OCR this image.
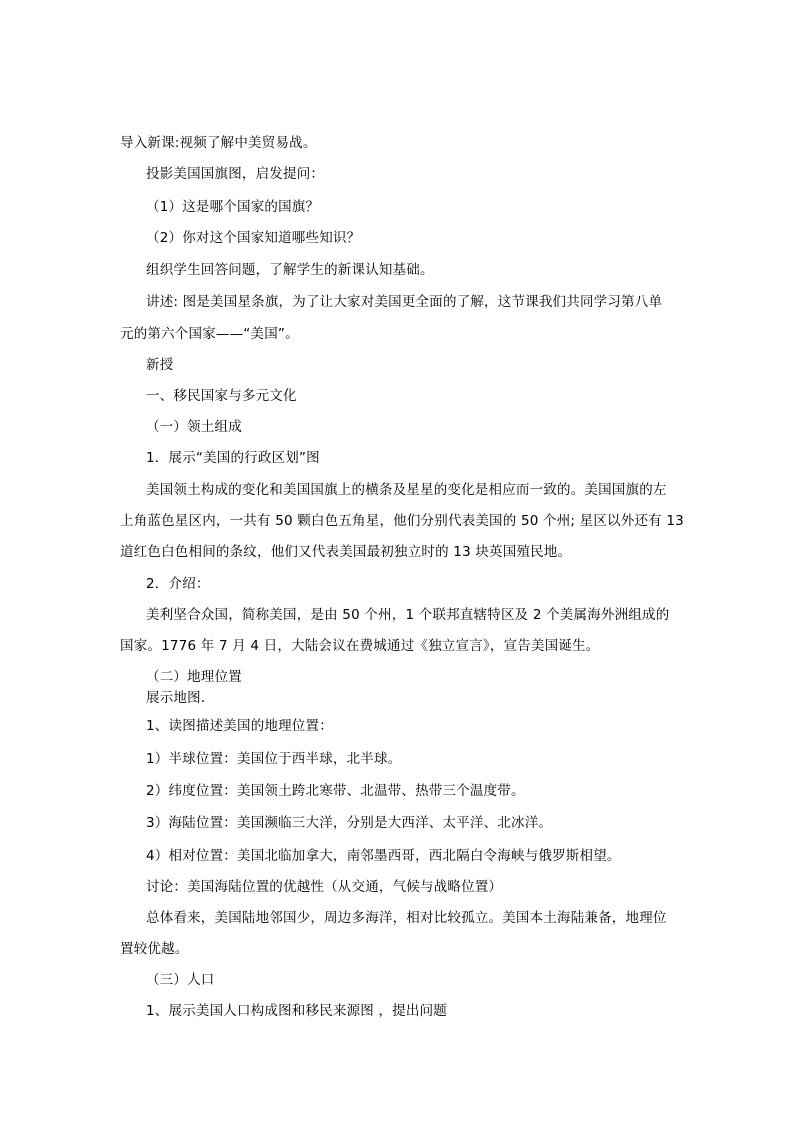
导入新课:视频了解中美贸易战。
投影美国国旗图，启发提问：
（1）这是哪个国家的国旗？
（2）你对这个国家知道哪些知识？
组织学生回答问题，了解学生的新课认知基础。
讲述: 图是美国星条旗，为了让大家对美国更全面的了解，这节课我们共同学习第八单
元的第六个国家——“美国”。
新授
一、移民国家与多元文化
（一）领土组成
1．展示“美国的行政区划”图
美国领土构成的变化和美国国旗上的横条及星星的变化是相应而一致的。美国国旗的左
上角蓝色星区内，一共有 50 颗白色五角星，他们分别代表美国的 50 个州; 星区以外还有 13
道红色白色相间的条纹，他们又代表美国最初独立时的 13 块英国殖民地。
2．介绍：
美利坚合众国，简称美国，是由 50 个州，1 个联邦直辖特区及 2 个美属海外洲组成的
国家。1776 年 7 月 4 日，大陆会议在费城通过《独立宣言》，宣告美国诞生。
（二）地理位置
展示地图.
1、读图描述美国的地理位置：
1）半球位置：美国位于西半球，北半球。
2）纬度位置：美国领土跨北寒带、北温带、热带三个温度带。
3）海陆位置：美国濒临三大洋，分别是大西洋、太平洋、北冰洋。
4）相对位置：美国北临加拿大，南邻墨西哥，西北隔白令海峡与俄罗斯相望。
讨论：美国海陆位置的优越性（从交通，气候与战略位置）
总体看来，美国陆地邻国少，周边多海洋，相对比较孤立。美国本土海陆兼备，地理位
置较优越。
（三）人口
1、展示美国人口构成图和移民来源图 ，提出问题
